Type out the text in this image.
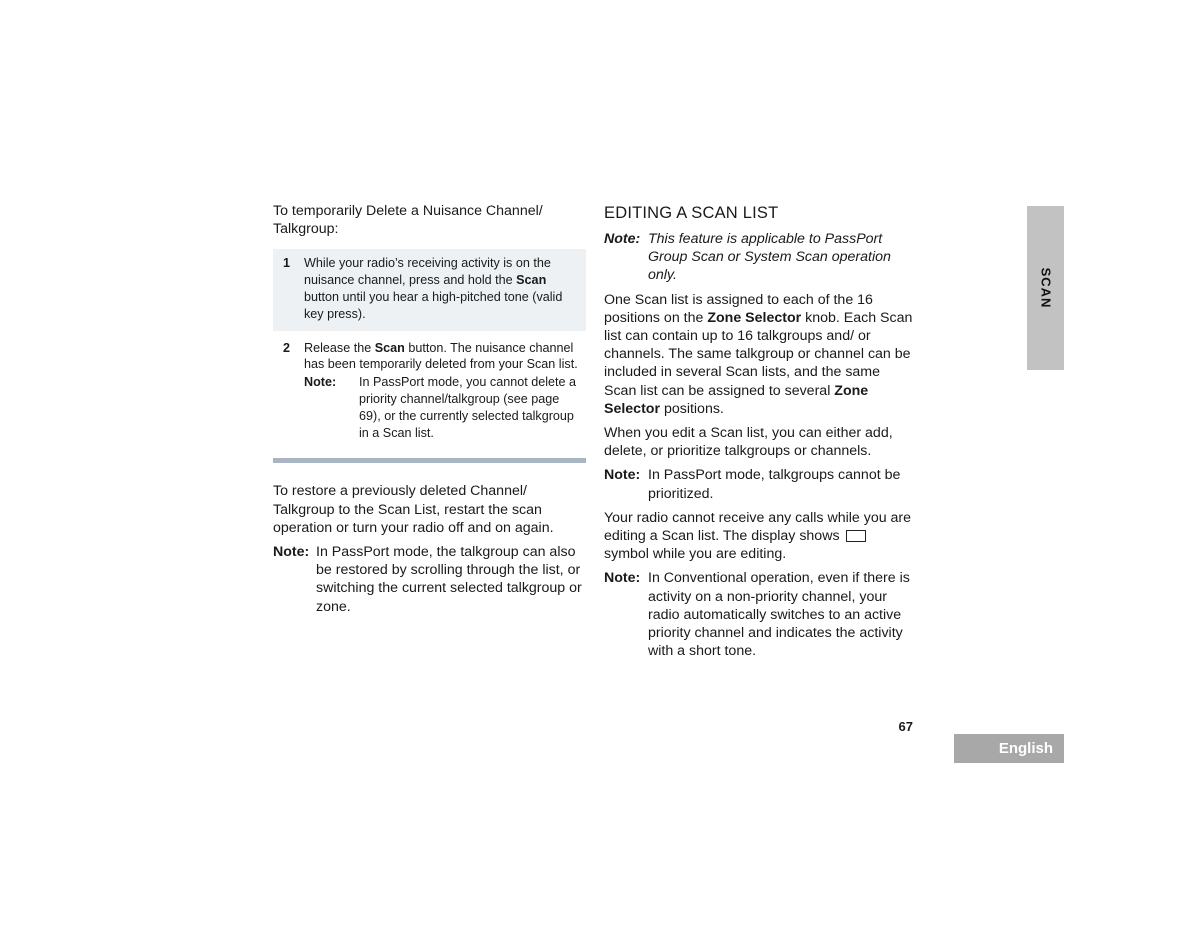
To temporarily Delete a Nuisance Channel/ Talkgroup:

1	While your radio’s receiving activity is on the nuisance channel, press and hold the Scan button until you hear a high-pitched tone (valid key press).
2	Release the Scan button. The nuisance channel has been temporarily deleted from your Scan list.
Note:	In PassPort mode, you cannot delete a priority channel/talkgroup (see page 69), or the currently selected talkgroup in a Scan list.

To restore a previously deleted Channel/ Talkgroup to the Scan List, restart the scan operation or turn your radio off and on again.

Note: In PassPort mode, the talkgroup can also be restored by scrolling through the list, or switching the current selected talkgroup or zone.
EDITING A SCAN LIST
Note: This feature is applicable to PassPort Group Scan or System Scan operation only.

One Scan list is assigned to each of the 16 positions on the Zone Selector knob. Each Scan list can contain up to 16 talkgroups and/ or channels. The same talkgroup or channel can be included in several Scan lists, and the same Scan list can be assigned to several Zone Selector positions.

When you edit a Scan list, you can either add, delete, or prioritize talkgroups or channels.

Note: In PassPort mode, talkgroups cannot be prioritized.

Your radio cannot receive any calls while you are editing a Scan list. The display shows
symbol while you are editing.

Note: In Conventional operation, even if there is activity on a non-priority channel, your radio automatically switches to an active priority channel and indicates the activity with a short tone.
SCAN
67
English
